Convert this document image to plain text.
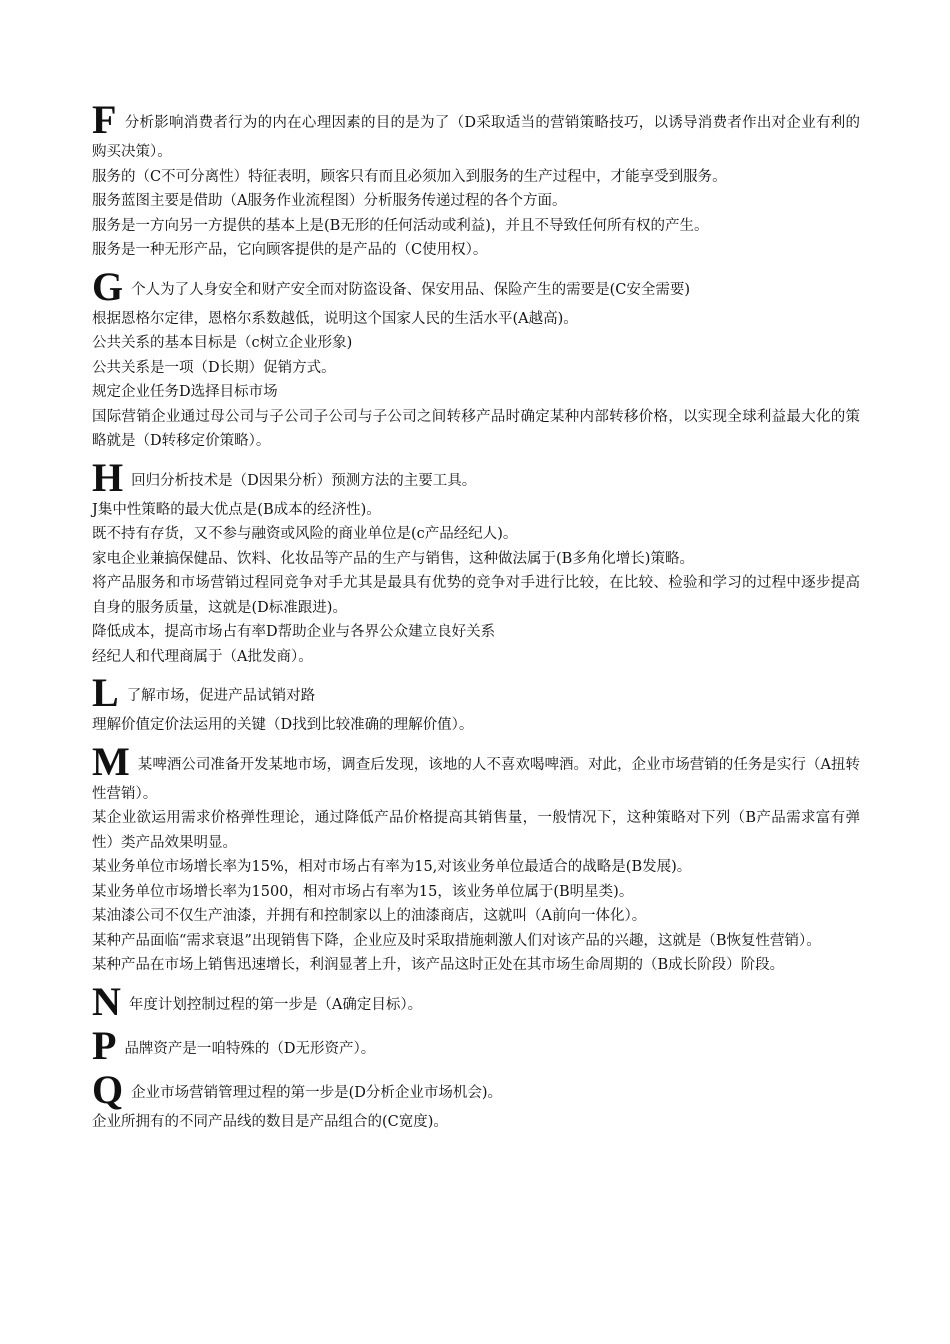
F分析影响消费者行为的内在心理因素的目的是为了（D采取适当的营销策略技巧，以诱导消费者作出对企业有利的购买决策）。
服务的（C不可分离性）特征表明，顾客只有而且必须加入到服务的生产过程中，才能享受到服务。
服务蓝图主要是借助（A服务作业流程图）分析服务传递过程的各个方面。
服务是一方向另一方提供的基本上是(B无形的任何活动或利益)，并且不导致任何所有权的产生。
服务是一种无形产品，它向顾客提供的是产品的（C使用权）。
G个人为了人身安全和财产安全而对防盗设备、保安用品、保险产生的需要是(C安全需要)
根据恩格尔定律，恩格尔系数越低，说明这个国家人民的生活水平(A越高)。
公共关系的基本目标是（c树立企业形象)
公共关系是一项（D长期）促销方式。
规定企业任务D选择目标市场
国际营销企业通过母公司与子公司子公司与子公司之间转移产品时确定某种内部转移价格，以实现全球利益最大化的策略就是（D转移定价策略）。
H回归分析技术是（D因果分析）预测方法的主要工具。
J集中性策略的最大优点是(B成本的经济性)。
既不持有存货，又不参与融资或风险的商业单位是(c产品经纪人)。
家电企业兼搞保健品、饮料、化妆品等产品的生产与销售，这种做法属于(B多角化增长)策略。
将产品服务和市场营销过程同竞争对手尤其是最具有优势的竞争对手进行比较，在比较、检验和学习的过程中逐步提高自身的服务质量，这就是(D标准跟进)。
降低成本，提高市场占有率D帮助企业与各界公众建立良好关系
经纪人和代理商属于（A批发商）。
L了解市场，促进产品试销对路
理解价值定价法运用的关键（D找到比较准确的理解价值）。
M某啤酒公司准备开发某地市场，调查后发现，该地的人不喜欢喝啤酒。对此，企业市场营销的任务是实行（A扭转性营销）。
某企业欲运用需求价格弹性理论，通过降低产品价格提高其销售量，一般情况下，这种策略对下列（B产品需求富有弹性）类产品效果明显。
某业务单位市场增长率为15%，相对市场占有率为15,对该业务单位最适合的战略是(B发展)。
某业务单位市场增长率为1500，相对市场占有率为15，该业务单位属于(B明星类)。
某油漆公司不仅生产油漆，并拥有和控制家以上的油漆商店，这就叫（A前向一体化）。
某种产品面临“需求衰退”出现销售下降，企业应及时采取措施刺激人们对该产品的兴趣，这就是（B恢复性营销）。
某种产品在市场上销售迅速增长，利润显著上升，该产品这时正处在其市场生命周期的（B成长阶段）阶段。
N年度计划控制过程的第一步是（A确定目标）。
P品牌资产是一咱特殊的（D无形资产）。
Q企业市场营销管理过程的第一步是(D分析企业市场机会)。
企业所拥有的不同产品线的数目是产品组合的(C宽度)。
